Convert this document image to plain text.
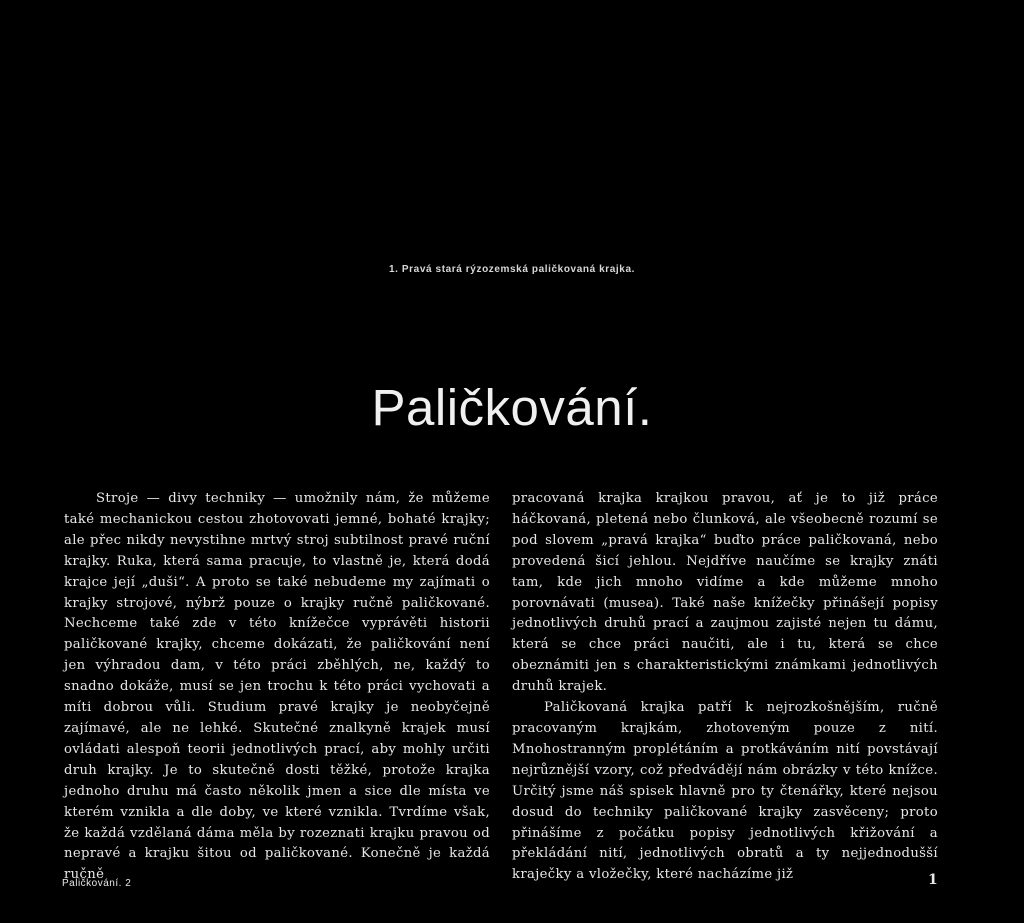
1. Pravá stará rýzozemská paličkovaná krajka.
Paličkování.

Stroje — divy techniky — umožnily nám, že můžeme také mechanickou cestou zhotovovati jemné, bohaté krajky; ale přec nikdy nevystihne mrtvý stroj subtilnost pravé ruční krajky. Ruka, která sama pracuje, to vlastně je, která dodá krajce její „duši“. A proto se také nebudeme my zajímati o krajky strojové, nýbrž pouze o krajky ručně paličkované. Nechceme také zde v této knížečce vyprávěti historii paličkované krajky, chceme dokázati, že paličkování není jen výhradou dam, v této práci zběhlých, ne, každý to snadno dokáže, musí se jen trochu k této práci vychovati a míti dobrou vůli. Studium pravé krajky je neobyčejně zajímavé, ale ne lehké. Skutečné znalkyně krajek musí ovládati alespoň teorii jednotlivých prací, aby mohly určiti druh krajky. Je to skutečně dosti těžké, protože krajka jednoho druhu má často několik jmen a sice dle místa ve kterém vznikla a dle doby, ve které vznikla. Tvrdíme však, že každá vzdělaná dáma měla by rozeznati krajku pravou od nepravé a krajku šitou od paličkované. Konečně je každá ručně

pracovaná krajka krajkou pravou, ať je to již práce háčkovaná, pletená nebo člunková, ale všeobecně rozumí se pod slovem „pravá krajka“ buďto práce paličkovaná, nebo provedená šicí jehlou. Nejdříve naučíme se krajky znáti tam, kde jich mnoho vidíme a kde můžeme mnoho porovnávati (musea). Také naše knížečky přinášejí popisy jednotlivých druhů prací a zaujmou zajisté nejen tu dámu, která se chce práci naučiti, ale i tu, která se chce obeznámiti jen s charakteristickými známkami jednotlivých druhů krajek.

Paličkovaná krajka patří k nejrozkošnějším, ručně pracovaným krajkám, zhotoveným pouze z nití. Mnohostranným proplétáním a protkáváním nití povstávají nejrůznější vzory, což předvádějí nám obrázky v této knížce. Určitý jsme náš spisek hlavně pro ty čtenářky, které nejsou dosud do techniky paličkované krajky zasvěceny; proto přinášíme z počátku popisy jednotlivých křižování a překládání nití, jednotlivých obratů a ty nejjednodušší kraječky a vložečky, které nacházíme již

Paličkování. 2	1
